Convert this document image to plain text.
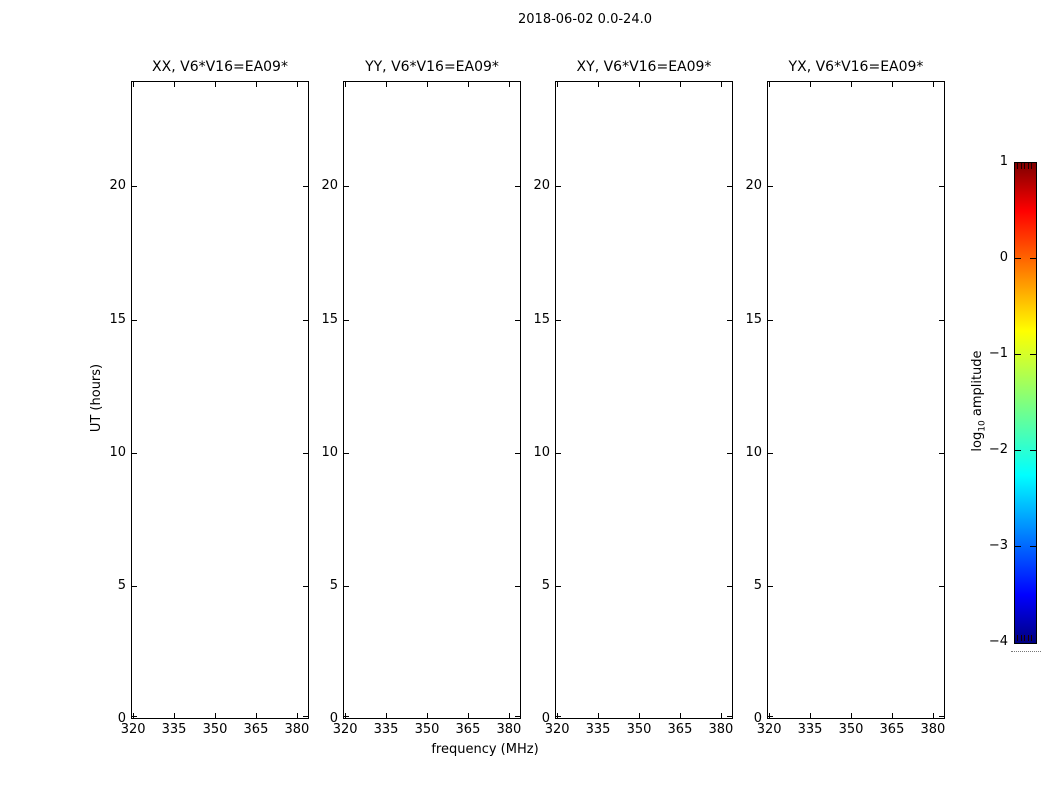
2018-06-02 0.0-24.0
UT (hours)
frequency (MHz)
XX, V6*V16=EA09*
320	335	350	365	380
0
5
10
15
20
YY, V6*V16=EA09*
320	335	350	365	380
0
5
10
15
20
XY, V6*V16=EA09*
320	335	350	365	380
0
5
10
15
20
YX, V6*V16=EA09*
320	335	350	365	380
0
5
10
15
20
1
0
−1
−2
−3
−4
$\log_{10}$ amplitude
